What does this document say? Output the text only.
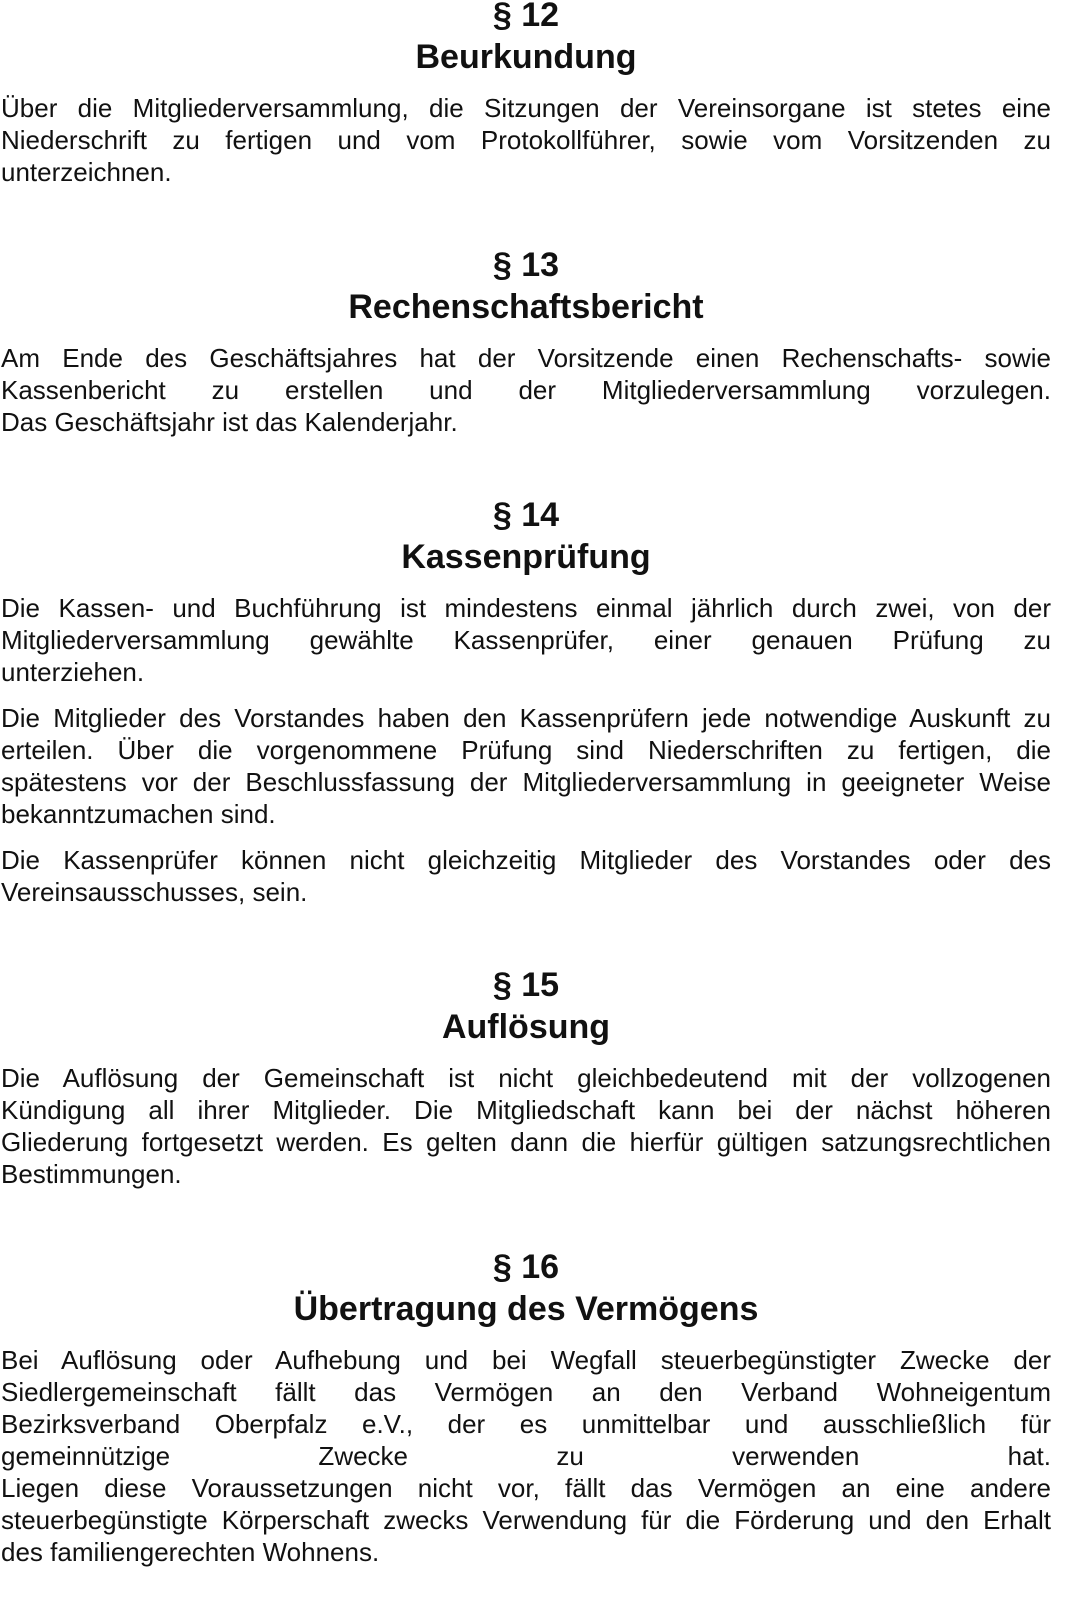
§ 12
Beurkundung
Über die Mitgliederversammlung, die Sitzungen der Vereinsorgane ist stetes eine
Niederschrift zu fertigen und vom Protokollführer, sowie vom Vorsitzenden zu
unterzeichnen.
§ 13
Rechenschaftsbericht
Am Ende des Geschäftsjahres hat der Vorsitzende einen Rechenschafts- sowie
Kassenbericht zu erstellen und der Mitgliederversammlung vorzulegen.
Das Geschäftsjahr ist das Kalenderjahr.
§ 14
Kassenprüfung
Die Kassen- und Buchführung ist mindestens einmal jährlich durch zwei, von der
Mitgliederversammlung gewählte Kassenprüfer, einer genauen Prüfung zu
unterziehen.
Die Mitglieder des Vorstandes haben den Kassenprüfern jede notwendige Auskunft zu
erteilen. Über die vorgenommene Prüfung sind Niederschriften zu fertigen, die
spätestens vor der Beschlussfassung der Mitgliederversammlung in geeigneter Weise
bekanntzumachen sind.
Die Kassenprüfer können nicht gleichzeitig Mitglieder des Vorstandes oder des
Vereinsausschusses, sein.
§ 15
Auflösung
Die Auflösung der Gemeinschaft ist nicht gleichbedeutend mit der vollzogenen
Kündigung all ihrer Mitglieder. Die Mitgliedschaft kann bei der nächst höheren
Gliederung fortgesetzt werden. Es gelten dann die hierfür gültigen satzungsrechtlichen
Bestimmungen.
§ 16
Übertragung des Vermögens
Bei Auflösung oder Aufhebung und bei Wegfall steuerbegünstigter Zwecke der
Siedlergemeinschaft fällt das Vermögen an den Verband Wohneigentum
Bezirksverband Oberpfalz e.V., der es unmittelbar und ausschließlich für
gemeinnützige Zwecke zu verwenden hat.
Liegen diese Voraussetzungen nicht vor, fällt das Vermögen an eine andere
steuerbegünstigte Körperschaft zwecks Verwendung für die Förderung und den Erhalt
des familiengerechten Wohnens.
